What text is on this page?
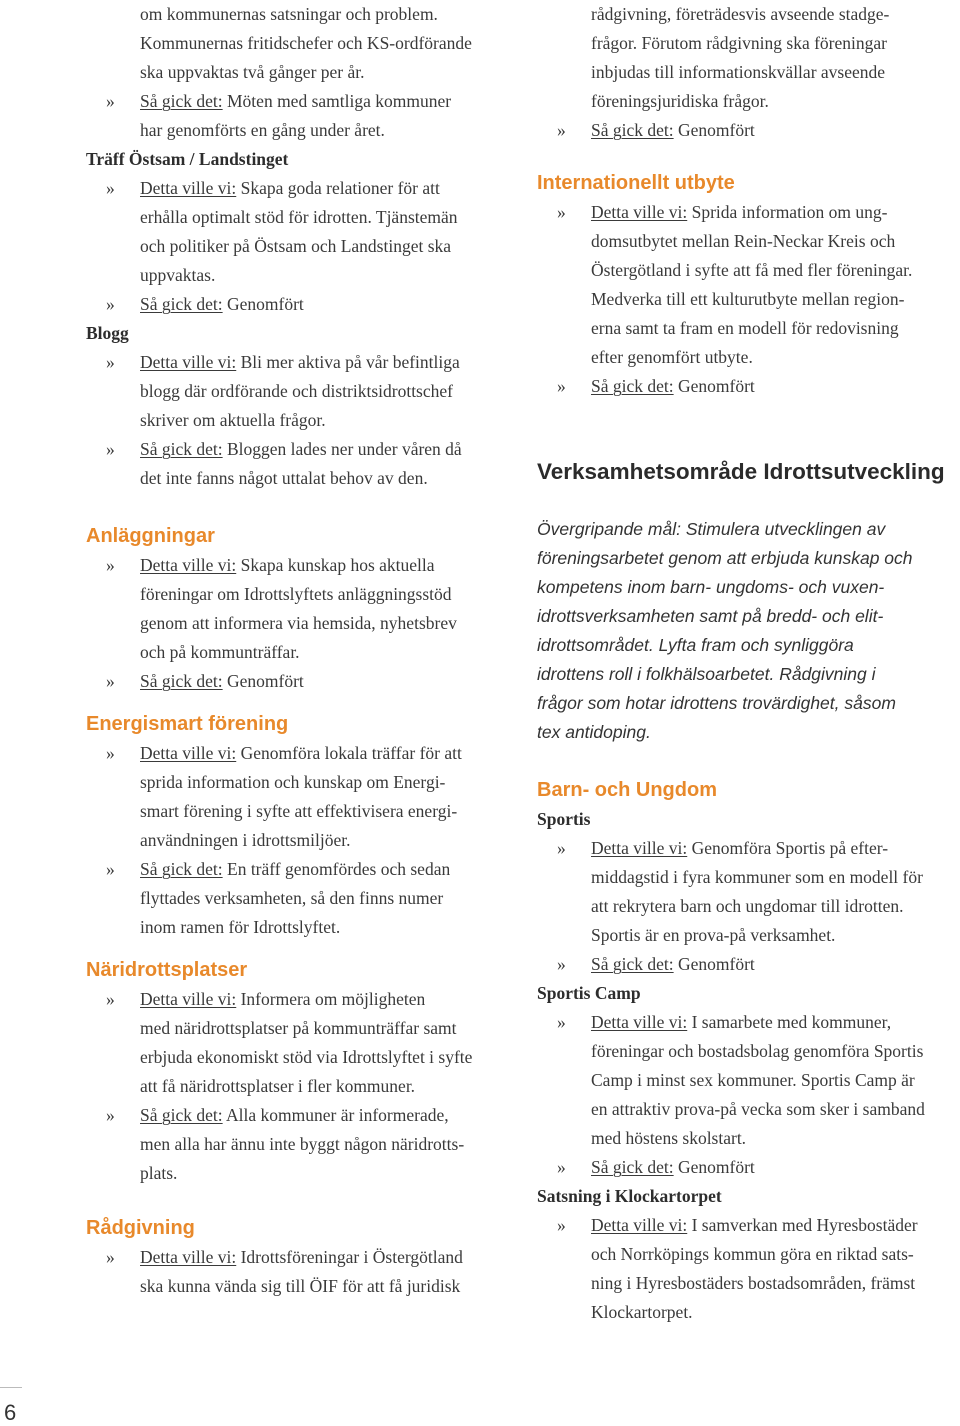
om kommunernas satsningar och problem.
Kommunernas fritidschefer och KS-ordförande
ska uppvaktas två gånger per år.
» Så gick det: Möten med samtliga kommuner
har genomförts en gång under året.
Träff Östsam / Landstinget
» Detta ville vi: Skapa goda relationer för att
erhålla optimalt stöd för idrotten. Tjänstemän
och politiker på Östsam och Landstinget ska
uppvaktas.
» Så gick det: Genomfört
Blogg
» Detta ville vi: Bli mer aktiva på vår befintliga
blogg där ordförande och distriktsidrottschef
skriver om aktuella frågor.
» Så gick det: Bloggen lades ner under våren då
det inte fanns något uttalat behov av den.
Anläggningar
» Detta ville vi: Skapa kunskap hos aktuella
föreningar om Idrottslyftets anläggningsstöd
genom att informera via hemsida, nyhetsbrev
och på kommunträffar.
» Så gick det: Genomfört
Energismart förening
» Detta ville vi: Genomföra lokala träffar för att
sprida information och kunskap om Energi-
smart förening i syfte att effektivisera energi-
användningen i idrottsmiljöer.
» Så gick det: En träff genomfördes och sedan
flyttades verksamheten, så den finns numer
inom ramen för Idrottslyftet.
Näridrottsplatser
» Detta ville vi: Informera om möjligheten
med näridrottsplatser på kommunträffar samt
erbjuda ekonomiskt stöd via Idrottslyftet i syfte
att få näridrottsplatser i fler kommuner.
» Så gick det: Alla kommuner är informerade,
men alla har ännu inte byggt någon näridrotts-
plats.
Rådgivning
» Detta ville vi: Idrottsföreningar i Östergötland
ska kunna vända sig till ÖIF för att få juridisk
rådgivning, företrädesvis avseende stadge-
frågor. Förutom rådgivning ska föreningar
inbjudas till informationskvällar avseende
föreningsjuridiska frågor.
» Så gick det: Genomfört
Internationellt utbyte
» Detta ville vi: Sprida information om ung-
domsutbytet mellan Rein-Neckar Kreis och
Östergötland i syfte att få med fler föreningar.
Medverka till ett kulturutbyte mellan region-
erna samt ta fram en modell för redovisning
efter genomfört utbyte.
» Så gick det: Genomfört
Verksamhetsområde Idrottsutveckling
Övergripande mål: Stimulera utvecklingen av
föreningsarbetet genom att erbjuda kunskap och
kompetens inom barn- ungdoms- och vuxen-
idrottsverksamheten samt på bredd- och elit-
idrottsområdet. Lyfta fram och synliggöra
idrottens roll i folkhälsoarbetet. Rådgivning i
frågor som hotar idrottens trovärdighet, såsom
tex antidoping.
Barn- och Ungdom
Sportis
» Detta ville vi: Genomföra Sportis på efter-
middagstid i fyra kommuner som en modell för
att rekrytera barn och ungdomar till idrotten.
Sportis är en prova-på verksamhet.
» Så gick det: Genomfört
Sportis Camp
» Detta ville vi: I samarbete med kommuner,
föreningar och bostadsbolag genomföra Sportis
Camp i minst sex kommuner. Sportis Camp är
en attraktiv prova-på vecka som sker i samband
med höstens skolstart.
» Så gick det: Genomfört
Satsning i Klockartorpet
» Detta ville vi: I samverkan med Hyresbostäder
och Norrköpings kommun göra en riktad sats-
ning i Hyresbostäders bostadsområden, främst
Klockartorpet.
6
